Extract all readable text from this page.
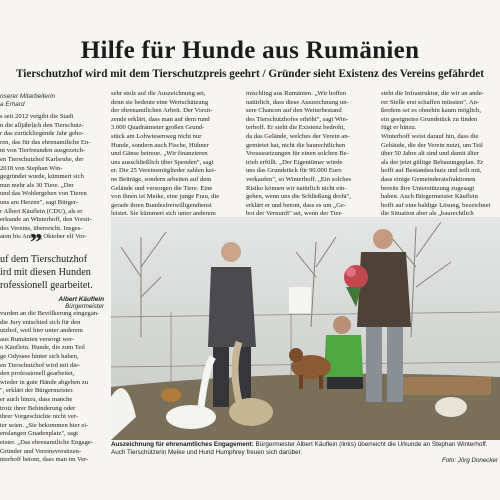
Hilfe für Hunde aus Rumänien
Tierschutzhof wird mit dem Tierschutzpreis geehrt / Gründer sieht Existenz des Vereins gefährdet
nserer Mitarbeiterin
a Erhard
s seit 2012 vergibt die Stadt
n die alljährlich den Tierschutz-
r das zurückliegende Jahr geho-
ren, das für das ehrenamtliche En-
nt von Tierfreunden ausgezeich-
en Tierschutzhof Karlsruhe, der
2018 von Stephan Win-
gegründet wurde, kümmert sich
nun mehr als 30 Tiere. „Der
und das Wohlergehen von Tieren
uns am Herzen", sagt Bürger-
r Albert Käuflein (CDU), als er
erkunde an Winterhoff, den Vorsit-
des Vereins, überreicht. Insges-
aren bis Anfang Oktober elf Vor-
”
uf dem Tierschutzhof
ird mit diesen Hunden
rofessionell gearbeitet.
Albert Käuflein
Bürgermeister
vurden an die Bevölkerung eingegan-
die Jury entschied sich für den
utzhof, weil hier unter anderem
aus Rumänien versorgt wer-
o Käuflein. Hunde, die zum Teil
ge Odyssee hinter sich haben,
en Tierschutzhof wird mit die-
den professionell gearbeitet,
wieder in gute Hände abgeben zu
", erklärt der Bürgermeister.
er auch hinzu, dass manche
trotz ihrer Behinderung oder
ihrer Vorgeschichte nicht ver-
ter seien. „Sie bekommen hier ei-
enslangen Gnadenplatz", sagt
eister. „Das ehrenamtliche Engage-
Gründer und Vereinsvorsitzen-
nterhoff betont, dass man im Ver-
sehr stolz auf die Auszeichnung sei,
denn sie bedeute eine Wertschätzung
der ehrenamtlichen Arbeit. Der Vorsit-
zende erklärt, dass man auf dem rund
3.000 Quadratmeter großen Grund-
stück am Lohwiesenweg nicht nur
Hunde, sondern auch Fische, Hühner
und Gänse betreue. „Wir finanzieren
uns ausschließlich über Spenden", sagt
er. Die 25 Vereinsmitglieder zahlen kei-
ne Beiträge, sondern arbeiten auf dem
Gelände und versorgen die Tiere. Eine
von ihnen ist Meike, eine junge Frau, die
gerade ihren Bundesfreiwilligendienst
leistet. Sie kümmert sich unter anderem
mischling aus Rumänien. „Wir hoffen
natürlich, dass diese Auszeichnung un-
sere Chancen auf den Weiterbestand
des Tierschutzhofes erhöht", sagt Win-
terhoff. Er sieht die Existenz bedroht,
da das Gelände, welches der Verein an-
gemietet hat, nicht die baurechtlichen
Voraussetzungen für einen solchen Be-
trieb erfüllt. „Der Eigentümer würde
uns das Grundstück für 90.000 Euro
verkaufen", so Winterhoff. „Ein solches
Risiko können wir natürlich nicht ein-
gehen, wenn uns die Schließung droht",
erklärt er und betont, dass es um „Ge-
bot der Vernunft" sei, wenn der Tier-
steht die Infrastruktur, die wir an ande-
rer Stelle erst schaffen müssten". An-
ßerdem sei es ohnehin kaum möglich,
ein geeignetes Grundstück zu finden
fügt er hinzu.
Winterhoff weist darauf hin, dass die
Gebäude, die der Verein nutzt, um Teil
über 50 Jahre alt sind und damit älter
als der jetzt gültige Bebauungsplan. Er
hofft auf Bestandsschutz und teilt mit,
dass einige Gemeinderatsfraktionen
bereits ihre Unterstützung zugesagt
haben. Auch Bürgermeister Käuflein
hofft auf eine baldige Lösung, bezeichnet
die Situation aber als „baurechtlich
Auszeichnung für ehrenamtliches Engagement: Bürgermeister Albert Käuflein (links) überreicht die Urkunde an Stephan Winterhoff.
Auch Tierschützerin Meike und Hund Humphrey freuen sich darüber.
Foto: Jörg Donecker
